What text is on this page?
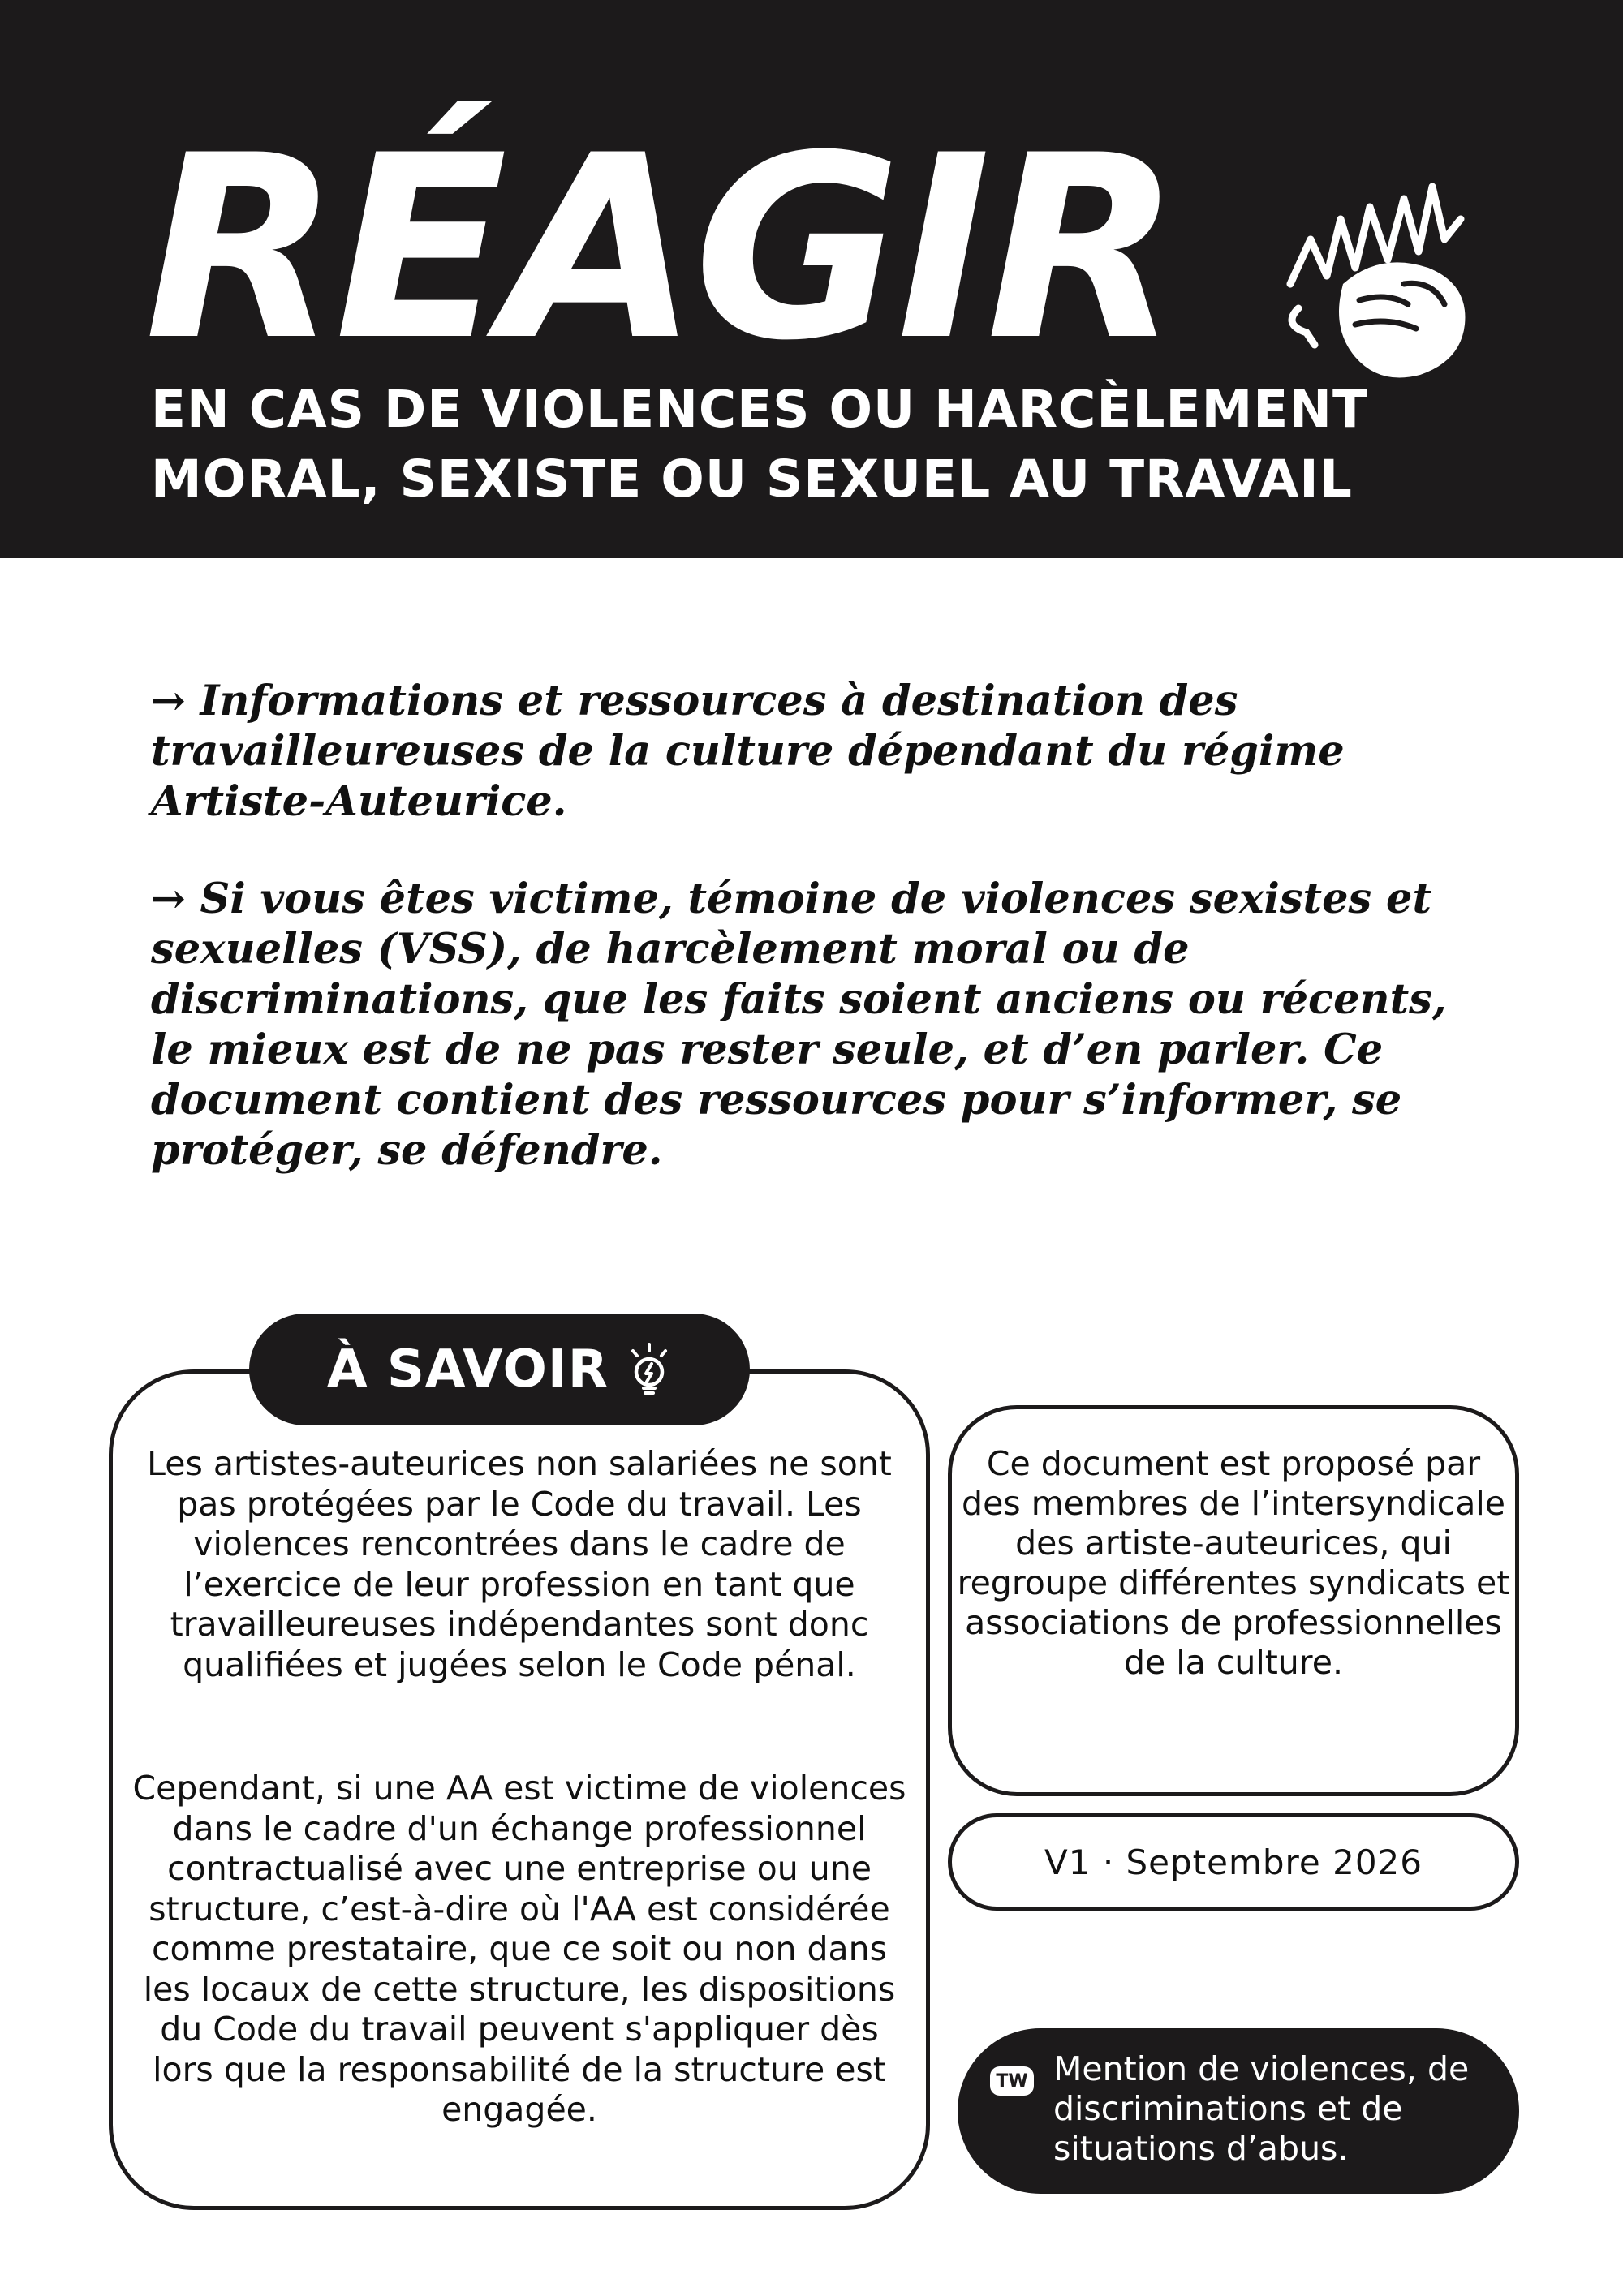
RÉAGIR
EN CAS DE VIOLENCES OU HARCÈLEMENT
MORAL, SEXISTE OU SEXUEL AU TRAVAIL

→ Informations et ressources à destination des travailleureuses de la culture dépendant du régime Artiste-Auteurice.

→ Si vous êtes victime, témoine de violences sexistes et sexuelles (VSS), de harcèlement moral ou de discriminations, que les faits soient anciens ou récents, le mieux est de ne pas rester seule, et d’en parler. Ce document contient des ressources pour s’informer, se protéger, se défendre.

À SAVOIR

Les artistes-auteurices non salariées ne sont pas protégées par le Code du travail. Les violences rencontrées dans le cadre de l’exercice de leur profession en tant que travailleureuses indépendantes sont donc qualifiées et jugées selon le Code pénal.

Cependant, si une AA est victime de violences dans le cadre d'un échange professionnel contractualisé avec une entreprise ou une structure, c’est-à-dire où l'AA est considérée comme prestataire, que ce soit ou non dans les locaux de cette structure, les dispositions du Code du travail peuvent s'appliquer dès lors que la responsabilité de la structure est engagée.

Ce document est proposé par des membres de l’intersyndicale des artiste-auteurices, qui regroupe différentes syndicats et associations de professionnelles de la culture.

V1 · Septembre 2026
TW Mention de violences, de discriminations et de situations d’abus.
